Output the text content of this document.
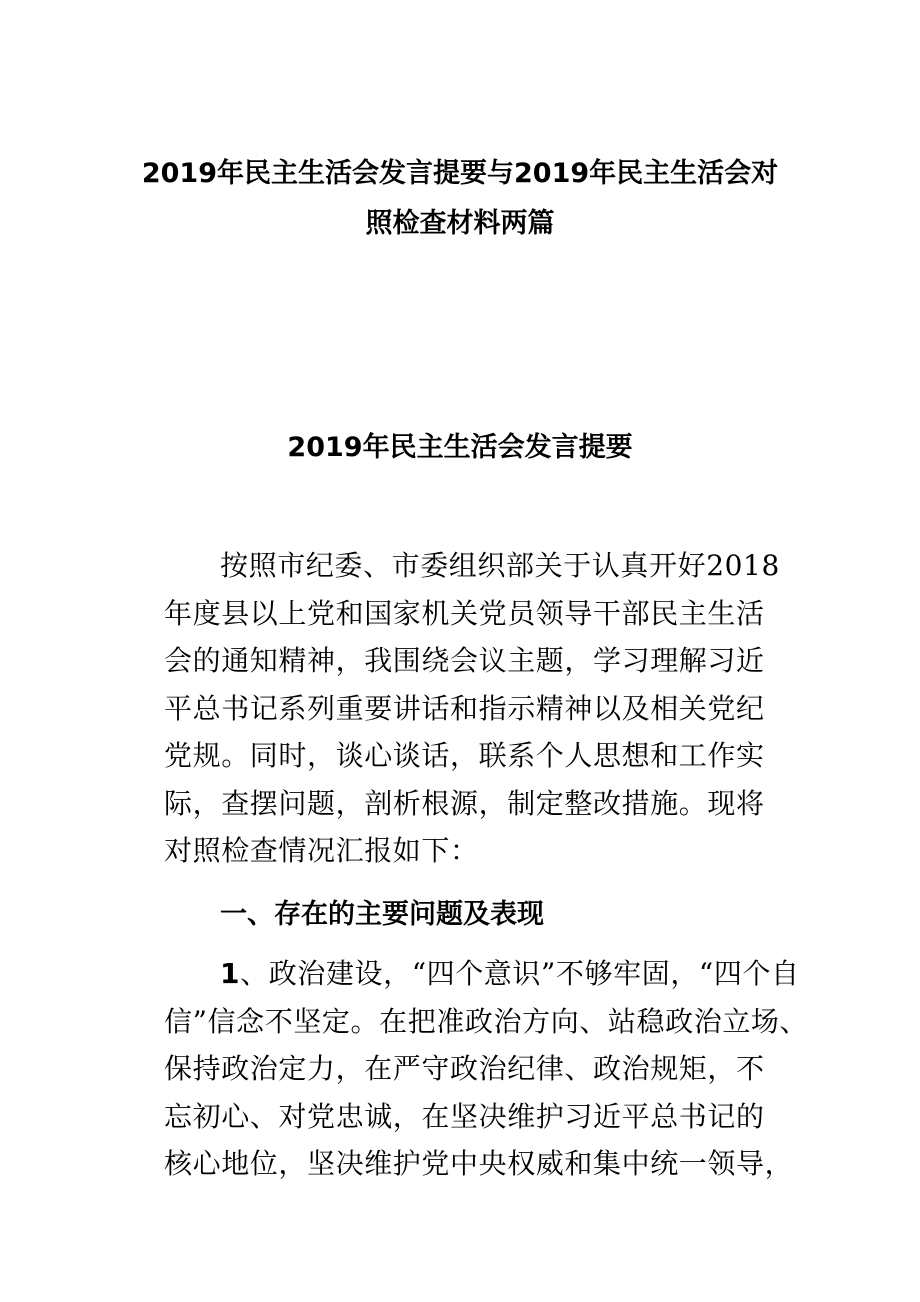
2019年民主生活会发言提要与2019年民主生活会对
照检查材料两篇
2019年民主生活会发言提要
按照市纪委、市委组织部关于认真开好2018
年度县以上党和国家机关党员领导干部民主生活
会的通知精神，我围绕会议主题，学习理解习近
平总书记系列重要讲话和指示精神以及相关党纪
党规。同时，谈心谈话，联系个人思想和工作实
际，查摆问题，剖析根源，制定整改措施。现将
对照检查情况汇报如下：
一、存在的主要问题及表现
1、政治建设，“四个意识”不够牢固，“四个自
信”信念不坚定。在把准政治方向、站稳政治立场、
保持政治定力，在严守政治纪律、政治规矩，不
忘初心、对党忠诚，在坚决维护习近平总书记的
核心地位，坚决维护党中央权威和集中统一领导，
